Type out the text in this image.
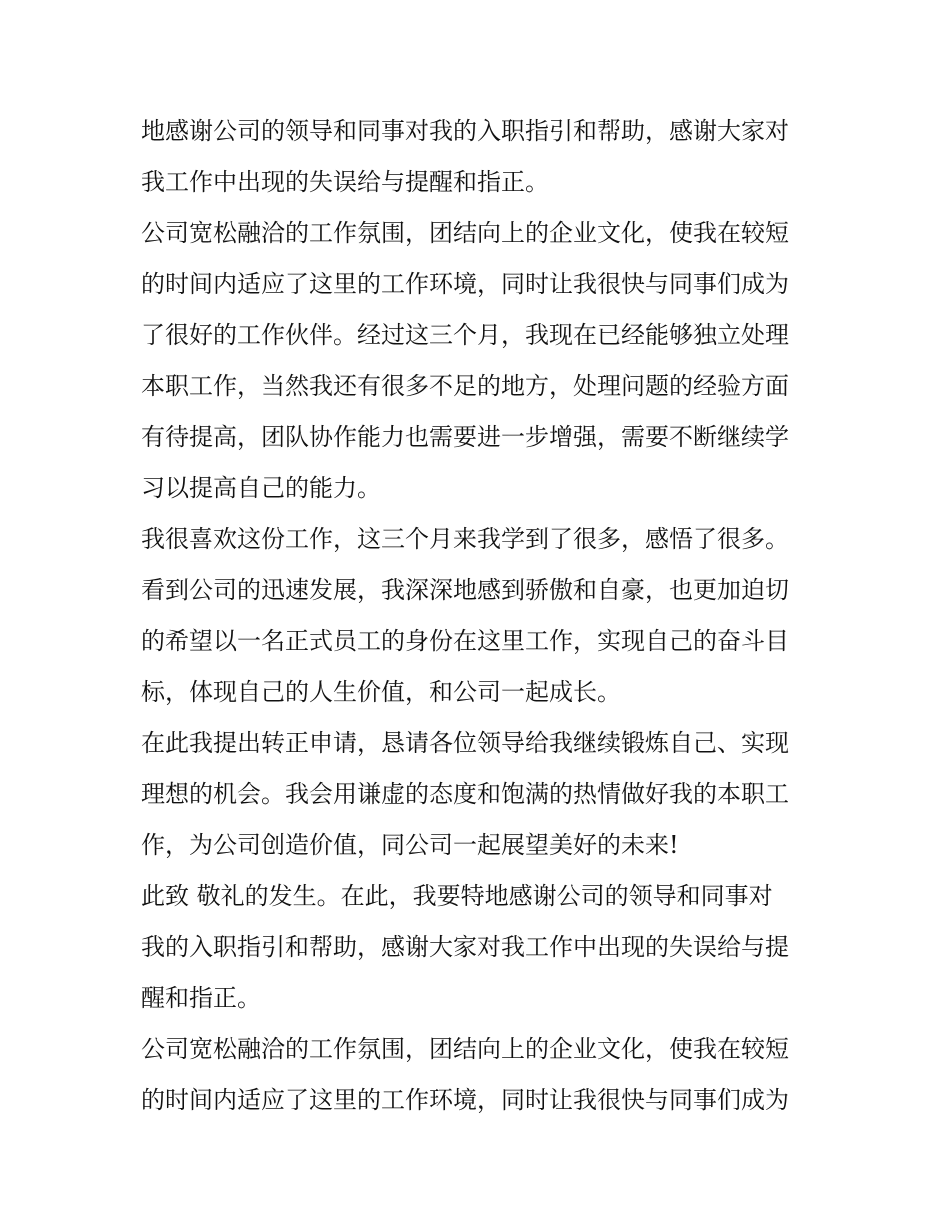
地感谢公司的领导和同事对我的入职指引和帮助，感谢大家对
我工作中出现的失误给与提醒和指正。
公司宽松融洽的工作氛围，团结向上的企业文化，使我在较短
的时间内适应了这里的工作环境，同时让我很快与同事们成为
了很好的工作伙伴。经过这三个月，我现在已经能够独立处理
本职工作，当然我还有很多不足的地方，处理问题的经验方面
有待提高，团队协作能力也需要进一步增强，需要不断继续学
习以提高自己的能力。
我很喜欢这份工作，这三个月来我学到了很多，感悟了很多。
看到公司的迅速发展，我深深地感到骄傲和自豪，也更加迫切
的希望以一名正式员工的身份在这里工作，实现自己的奋斗目
标，体现自己的人生价值，和公司一起成长。
在此我提出转正申请，恳请各位领导给我继续锻炼自己、实现
理想的机会。我会用谦虚的态度和饱满的热情做好我的本职工
作，为公司创造价值，同公司一起展望美好的未来!
此致 敬礼的发生。在此，我要特地感谢公司的领导和同事对
我的入职指引和帮助，感谢大家对我工作中出现的失误给与提
醒和指正。
公司宽松融洽的工作氛围，团结向上的企业文化，使我在较短
的时间内适应了这里的工作环境，同时让我很快与同事们成为
